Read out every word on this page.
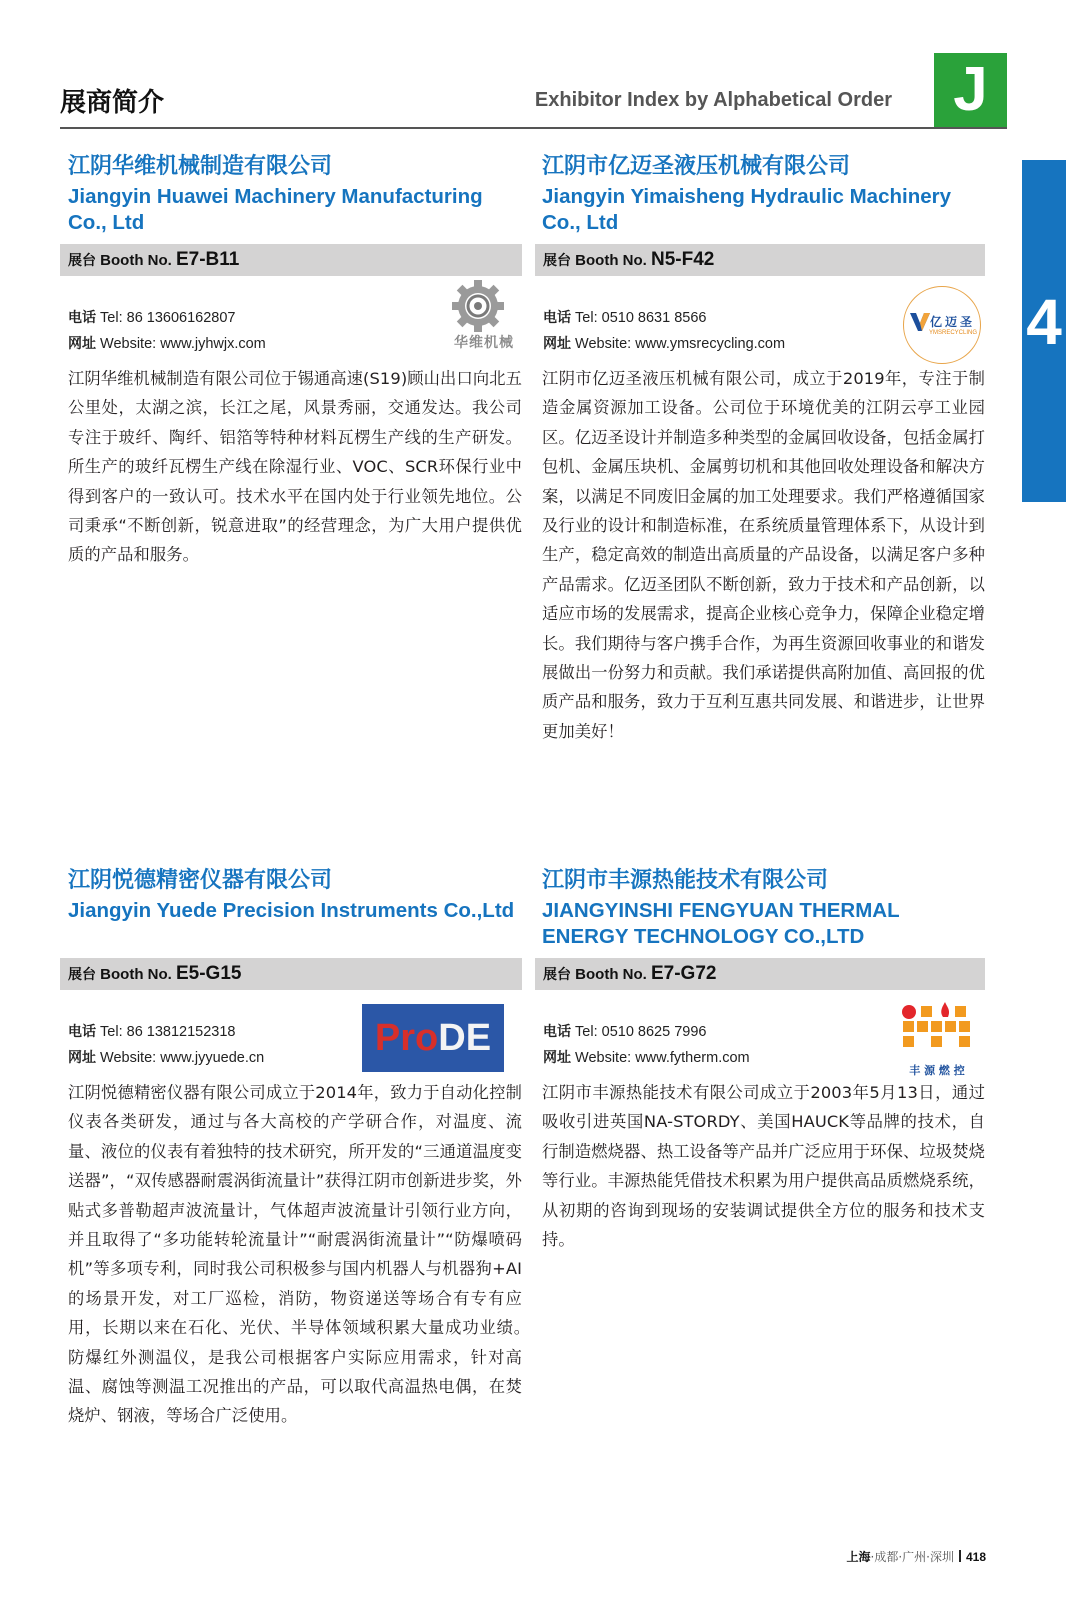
展商简介	Exhibitor Index by Alphabetical Order J
4
江阴华维机械制造有限公司
Jiangyin Huawei Machinery Manufacturing Co., Ltd
展台 Booth No. E7-B11
电话 Tel: 86 13606162807
网址 Website: www.jyhwjx.com	华维机械
江阴华维机械制造有限公司位于锡通高速(S19)顾山出口向北五公里处，太湖之滨，长江之尾，风景秀丽，交通发达。我公司专注于玻纤、陶纤、铝箔等特种材料瓦楞生产线的生产研发。所生产的玻纤瓦楞生产线在除湿行业、VOC、SCR环保行业中得到客户的一致认可。技术水平在国内处于行业领先地位。公司秉承“不断创新，锐意进取”的经营理念，为广大用户提供优质的产品和服务。
江阴市亿迈圣液压机械有限公司
Jiangyin Yimaisheng Hydraulic Machinery Co., Ltd
展台 Booth No. N5-F42
电话 Tel: 0510 8631 8566
网址 Website: www.ymsrecycling.com
亿迈圣
YMSRECYCLING
江阴市亿迈圣液压机械有限公司，成立于2019年，专注于制造金属资源加工设备。公司位于环境优美的江阴云亭工业园区。亿迈圣设计并制造多种类型的金属回收设备，包括金属打包机、金属压块机、金属剪切机和其他回收处理设备和解决方案，以满足不同废旧金属的加工处理要求。我们严格遵循国家及行业的设计和制造标准，在系统质量管理体系下，从设计到生产，稳定高效的制造出高质量的产品设备，以满足客户多种产品需求。亿迈圣团队不断创新，致力于技术和产品创新，以适应市场的发展需求，提高企业核心竞争力，保障企业稳定增长。我们期待与客户携手合作，为再生资源回收事业的和谐发展做出一份努力和贡献。我们承诺提供高附加值、高回报的优质产品和服务，致力于互利互惠共同发展、和谐进步，让世界更加美好！
江阴悦德精密仪器有限公司
Jiangyin Yuede Precision Instruments Co.,Ltd
展台 Booth No. E5-G15
电话 Tel: 86 13812152318
网址 Website: www.jyyuede.cn	ProDE
江阴悦德精密仪器有限公司成立于2014年，致力于自动化控制仪表各类研发，通过与各大高校的产学研合作，对温度、流量、液位的仪表有着独特的技术研究，所开发的“三通道温度变送器”，“双传感器耐震涡街流量计”获得江阴市创新进步奖，外贴式多普勒超声波流量计，气体超声波流量计引领行业方向，并且取得了“多功能转轮流量计”“耐震涡街流量计”“防爆喷码机”等多项专利，同时我公司积极参与国内机器人与机器狗+AI的场景开发，对工厂巡检，消防，物资递送等场合有专有应用，长期以来在石化、光伏、半导体领域积累大量成功业绩。　防爆红外测温仪，是我公司根据客户实际应用需求，针对高温、腐蚀等测温工况推出的产品，可以取代高温热电偶，在焚烧炉、钢液，等场合广泛使用。
江阴市丰源热能技术有限公司
JIANGYINSHI FENGYUAN THERMAL ENERGY TECHNOLOGY CO.,LTD
展台 Booth No. E7-G72
电话 Tel: 0510 8625 7996
网址 Website: www.fytherm.com
丰 源 燃 控
江阴市丰源热能技术有限公司成立于2003年5月13日，通过吸收引进英国NA-STORDY、美国HAUCK等品牌的技术，自行制造燃烧器、热工设备等产品并广泛应用于环保、垃圾焚烧等行业。丰源热能凭借技术积累为用户提供高品质燃烧系统，从初期的咨询到现场的安装调试提供全方位的服务和技术支持。
上海·成都·广州·深圳 418
